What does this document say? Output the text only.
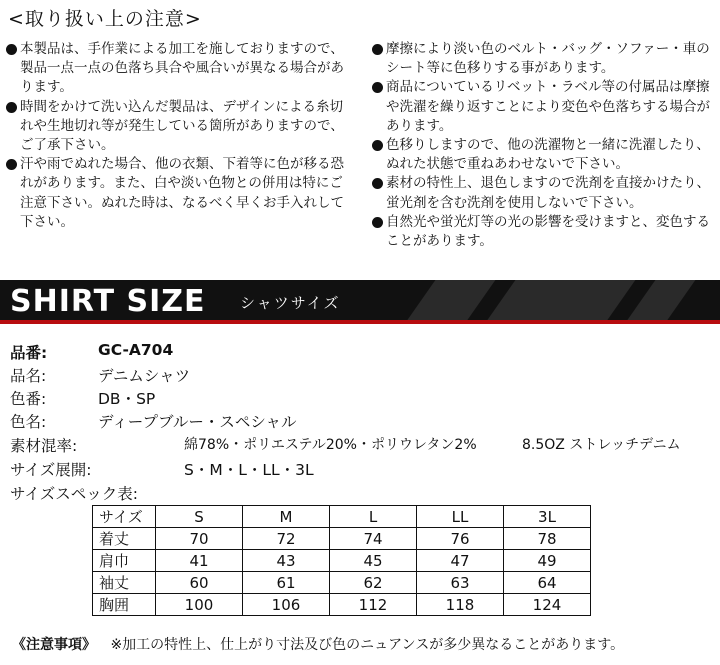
<取り扱い上の注意>
本製品は、手作業による加工を施しておりますので、製品一点一点の色落ち具合や風合いが異なる場合があります。
時間をかけて洗い込んだ製品は、デザインによる糸切れや生地切れ等が発生している箇所がありますので、ご了承下さい。
汗や雨でぬれた場合、他の衣類、下着等に色が移る恐れがあります。また、白や淡い色物との併用は特にご注意下さい。ぬれた時は、なるべく早くお手入れして下さい。
摩擦により淡い色のベルト・バッグ・ソファー・車のシート等に色移りする事があります。
商品についているリベット・ラベル等の付属品は摩擦や洗濯を繰り返すことにより変色や色落ちする場合があります。
色移りしますので、他の洗濯物と一緒に洗濯したり、ぬれた状態で重ねあわせないで下さい。
素材の特性上、退色しますので洗剤を直接かけたり、蛍光剤を含む洗剤を使用しないで下さい。
自然光や蛍光灯等の光の影響を受けますと、変色することがあります。
SHIRT SIZE シャツサイズ
品番:	GC-A704
品名:	デニムシャツ
色番:	DB・SP
色名:	ディープブルー・スペシャル
素材混率:	綿78%・ポリエステル20%・ポリウレタン2%	8.5OZ ストレッチデニム
サイズ展開:	S・M・L・LL・3L
サイズスペック表:
サイズ	S	M	L	LL	3L
着丈	70	72	74	76	78
肩巾	41	43	45	47	49
袖丈	60	61	62	63	64
胸囲	100	106	112	118	124
《注意事項》 ※加工の特性上、仕上がり寸法及び色のニュアンスが多少異なることがあります。
